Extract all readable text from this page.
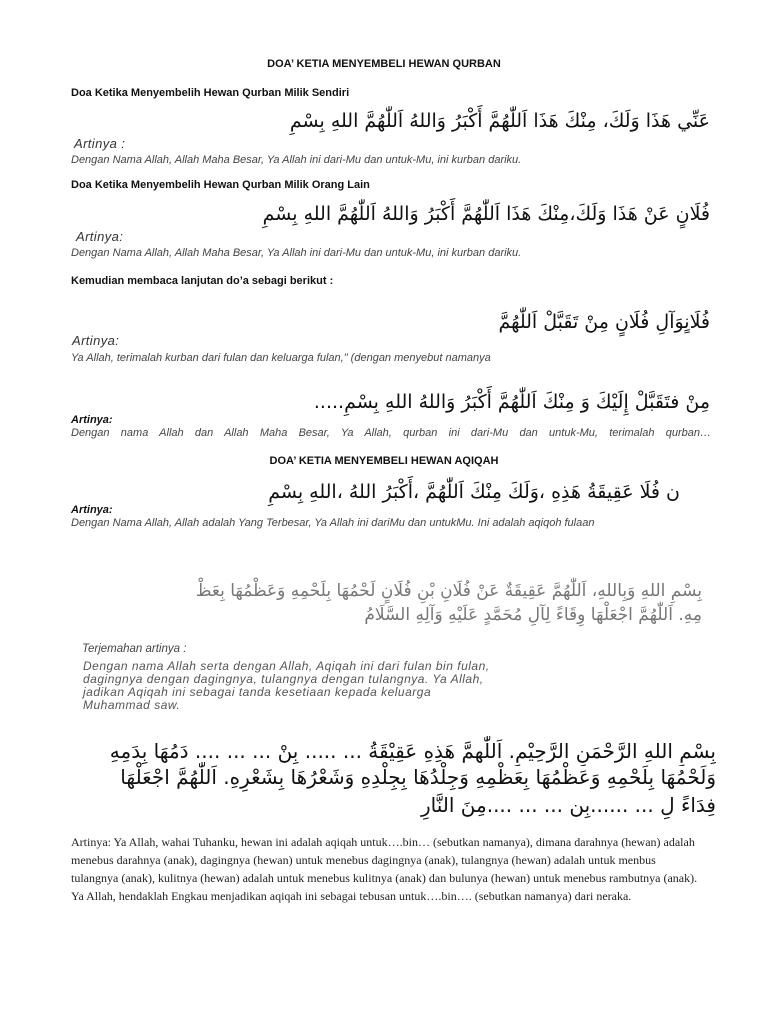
DOA’ KETIA MENYEMBELI HEWAN QURBAN
Doa Ketika Menyembelih Hewan Qurban Milik Sendiri
عَنِّي هَذَا وَلَكَ، مِنْكَ هَذَا اَللّٰهُمَّ أَكْبَرُ وَاللهُ اَللّٰهُمَّ اللهِ بِسْمِ
Artinya :
Dengan Nama Allah, Allah Maha Besar, Ya Allah ini dari-Mu dan untuk-Mu, ini kurban dariku.
Doa Ketika Menyembelih Hewan Qurban Milik Orang Lain
فُلَانٍ عَنْ هَذَا وَلَكَ،مِنْكَ هَذَا اَللّٰهُمَّ أَكْبَرُ وَاللهُ اَللّٰهُمَّ اللهِ بِسْمِ
Artinya:
Dengan Nama Allah, Allah Maha Besar, Ya Allah ini dari-Mu dan untuk-Mu, ini kurban dariku.
Kemudian membaca lanjutan do’a sebagi berikut :
فُلَانٍوَآلِ فُلَانٍ مِنْ تَقَبَّلْ اَللّٰهُمَّ
Artinya:
Ya Allah, terimalah kurban dari fulan dan keluarga fulan," (dengan menyebut namanya
مِنْ فتَقَبَّلْ إِلَيْكَ وَ مِنْكَ اَللّٰهُمَّ أَكْبَرُ وَاللهُ اللهِ بِسْمِ.....
Artinya:
Dengan nama Allah dan Allah Maha Besar, Ya Allah, qurban ini dari-Mu dan untuk-Mu, terimalah qurban…
DOA’ KETIA MENYEMBELI HEWAN AQIQAH
ن فُلَا عَقِيقَةُ هَذِهِ ،وَلَكَ مِنْكَ اَللّٰهُمَّ ،أَكْبَرُ اللهُ ،اللهِ بِسْمِ
Artinya:
Dengan Nama Allah, Allah adalah Yang Terbesar, Ya Allah ini dariMu dan untukMu. Ini adalah aqiqoh fulaan
بِسْمِ اللهِ وَبِاللهِ، اَللّٰهُمَّ عَقِيقَةٌ عَنْ فُلَانِ بْنِ فُلَانٍ لَحْمُهَا بِلَحْمِهِ وَعَظْمُهَا بِعَظْ
مِهِ. اَللّٰهُمَّ اجْعَلْهَا وِقَاءً لِآلِ مُحَمَّدٍ عَلَيْهِ وَآلِهِ السَّلَامُ
Terjemahan artinya :
Dengan nama Allah serta dengan Allah, Aqiqah ini dari fulan bin fulan,
dagingnya dengan dagingnya, tulangnya dengan tulangnya. Ya Allah,
jadikan Aqiqah ini sebagai tanda kesetiaan kepada keluarga
Muhammad saw.
بِسْمِ اللهِ الرَّحْمَنِ الرَّحِيْمِ. اَللّٰهمَّ هَذِهِ عَقِيْقَةُ ... ..... بِنْ ... ... .... دَمُهَا بِدَمِهِ
وَلَحْمُهَا بِلَحْمِهِ وَعَظْمُهَا بِعَظْمِهِ وَجِلْدُهَا بِجِلْدِهِ وَشَعْرُهَا بِشَعْرِهِ. اَللّٰهُمَّ اجْعَلْهَا
فِدَاءً لِ ... ......بِن ... ... ....مِنَ النَّارِ
Artinya: Ya Allah, wahai Tuhanku, hewan ini adalah aqiqah untuk….bin… (sebutkan namanya), dimana darahnya (hewan) adalah menebus darahnya (anak), dagingnya (hewan) untuk menebus dagingnya (anak), tulangnya (hewan) adalah untuk menbus tulangnya (anak), kulitnya (hewan) adalah untuk menebus kulitnya (anak) dan bulunya (hewan) untuk menebus rambutnya (anak). Ya Allah, hendaklah Engkau menjadikan aqiqah ini sebagai tebusan untuk….bin…. (sebutkan namanya) dari neraka.
